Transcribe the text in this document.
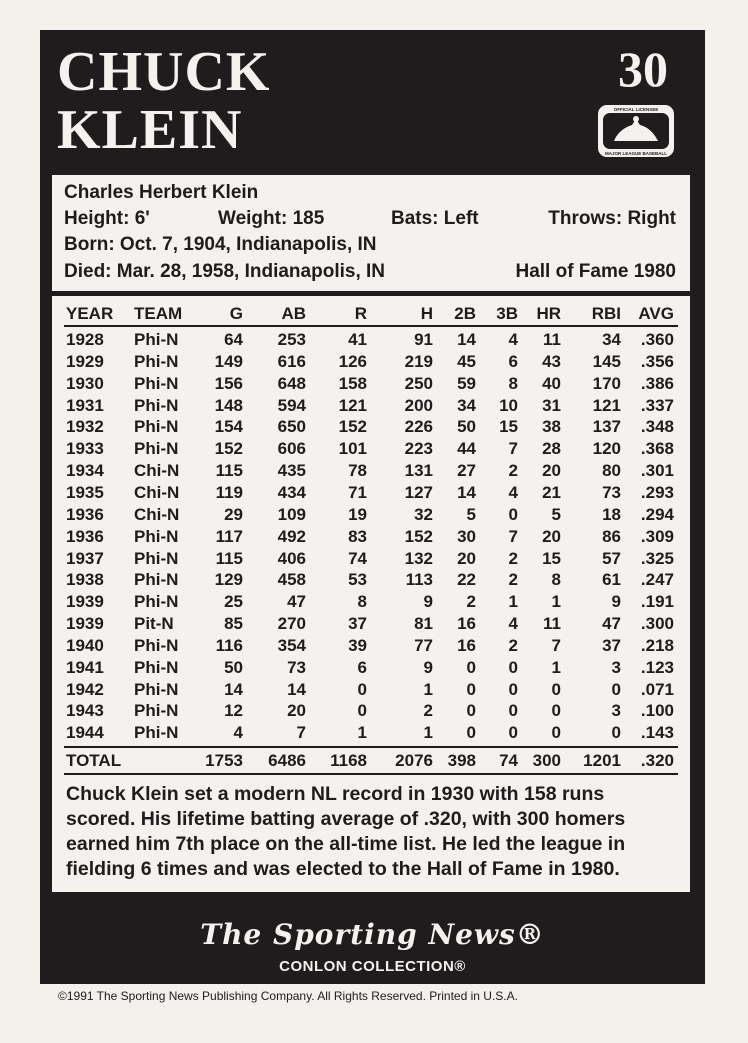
CHUCK
KLEIN
30
OFFICIAL LICENSEE
MAJOR LEAGUE BASEBALL
Charles Herbert Klein
Height: 6'	Weight: 185	Bats: Left	Throws: Right
Born: Oct. 7, 1904, Indianapolis, IN
Died: Mar. 28, 1958, Indianapolis, IN	Hall of Fame 1980
YEAR TEAM	G AB	R	H 2B 3B HR RBI AVG
1928 Phi-N	64 253 41	91 14 4 11 34 .360
1929 Phi-N 149 616 126 219 45 6 43 145 .356
1930 Phi-N 156 648 158 250 59 8 40 170 .386
1931 Phi-N 148 594 121 200 34 10 31 121 .337
1932 Phi-N 154 650 152 226 50 15 38 137 .348
1933 Phi-N 152 606 101 223 44 7 28 120 .368
1934 Chi-N 115 435 78 131 27 2 20 80 .301
1935 Chi-N 119 434 71 127 14 4 21 73 .293
1936 Chi-N	29 109 19	32 5 0 5 18 .294
1936 Phi-N 117 492 83 152 30 7 20 86 .309
1937 Phi-N 115 406 74 132 20 2 15 57 .325
1938 Phi-N 129 458 53 113 22 2 8 61 .247
1939 Phi-N	25	47	8	9 2 1 1	9 .191
1939 Pit-N	85 270 37	81 16 4 11 47 .300
1940 Phi-N 116 354 39	77 16 2 7 37 .218
1941 Phi-N	50	73	6	9 0 0 1	3 .123
1942 Phi-N	14	14	0	1 0 0 0	0 .071
1943 Phi-N	12	20	0	2 0 0 0	3 .100
1944 Phi-N	4	7	1	1 0 0 0	0 .143
TOTAL	1753 6486 1168 2076 398 74 300 1201 .320
Chuck Klein set a modern NL record in 1930 with 158 runs
scored. His lifetime batting average of .320, with 300 homers
earned him 7th place on the all-time list. He led the league in
fielding 6 times and was elected to the Hall of Fame in 1980.
The Sporting News®
CONLON COLLECTION®
©1991 The Sporting News Publishing Company. All Rights Reserved. Printed in U.S.A.
